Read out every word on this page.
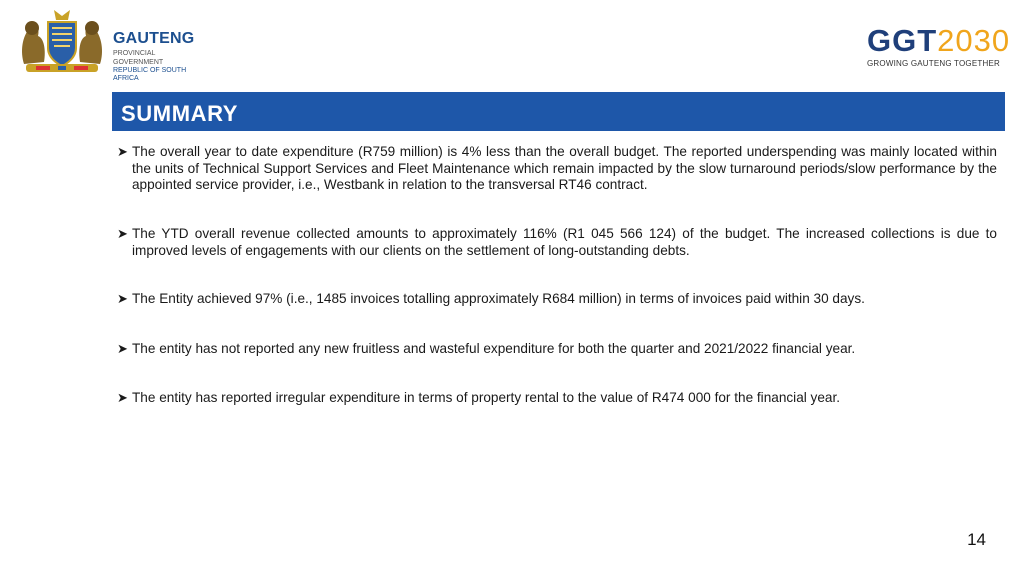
GAUTENG
PROVINCIAL GOVERNMENT
REPUBLIC OF SOUTH AFRICA
GGT2030
GROWING GAUTENG TOGETHER
SUMMARY
➤ The overall year to date expenditure (R759 million) is 4% less than the overall budget. The reported underspending was mainly located within the units of Technical Support Services and Fleet Maintenance which remain impacted by the slow turnaround periods/slow performance by the appointed service provider, i.e., Westbank in relation to the transversal RT46 contract.
➤ The YTD overall revenue collected amounts to approximately 116% (R1 045 566 124) of the budget. The increased collections is due to improved levels of engagements with our clients on the settlement of long-outstanding debts.
➤ The Entity achieved 97% (i.e., 1485 invoices totalling approximately R684 million) in terms of invoices paid within 30 days.
➤ The entity has not reported any new fruitless and wasteful expenditure for both the quarter and 2021/2022 financial year.
➤ The entity has reported irregular expenditure in terms of property rental to the value of R474 000 for the financial year.
14
